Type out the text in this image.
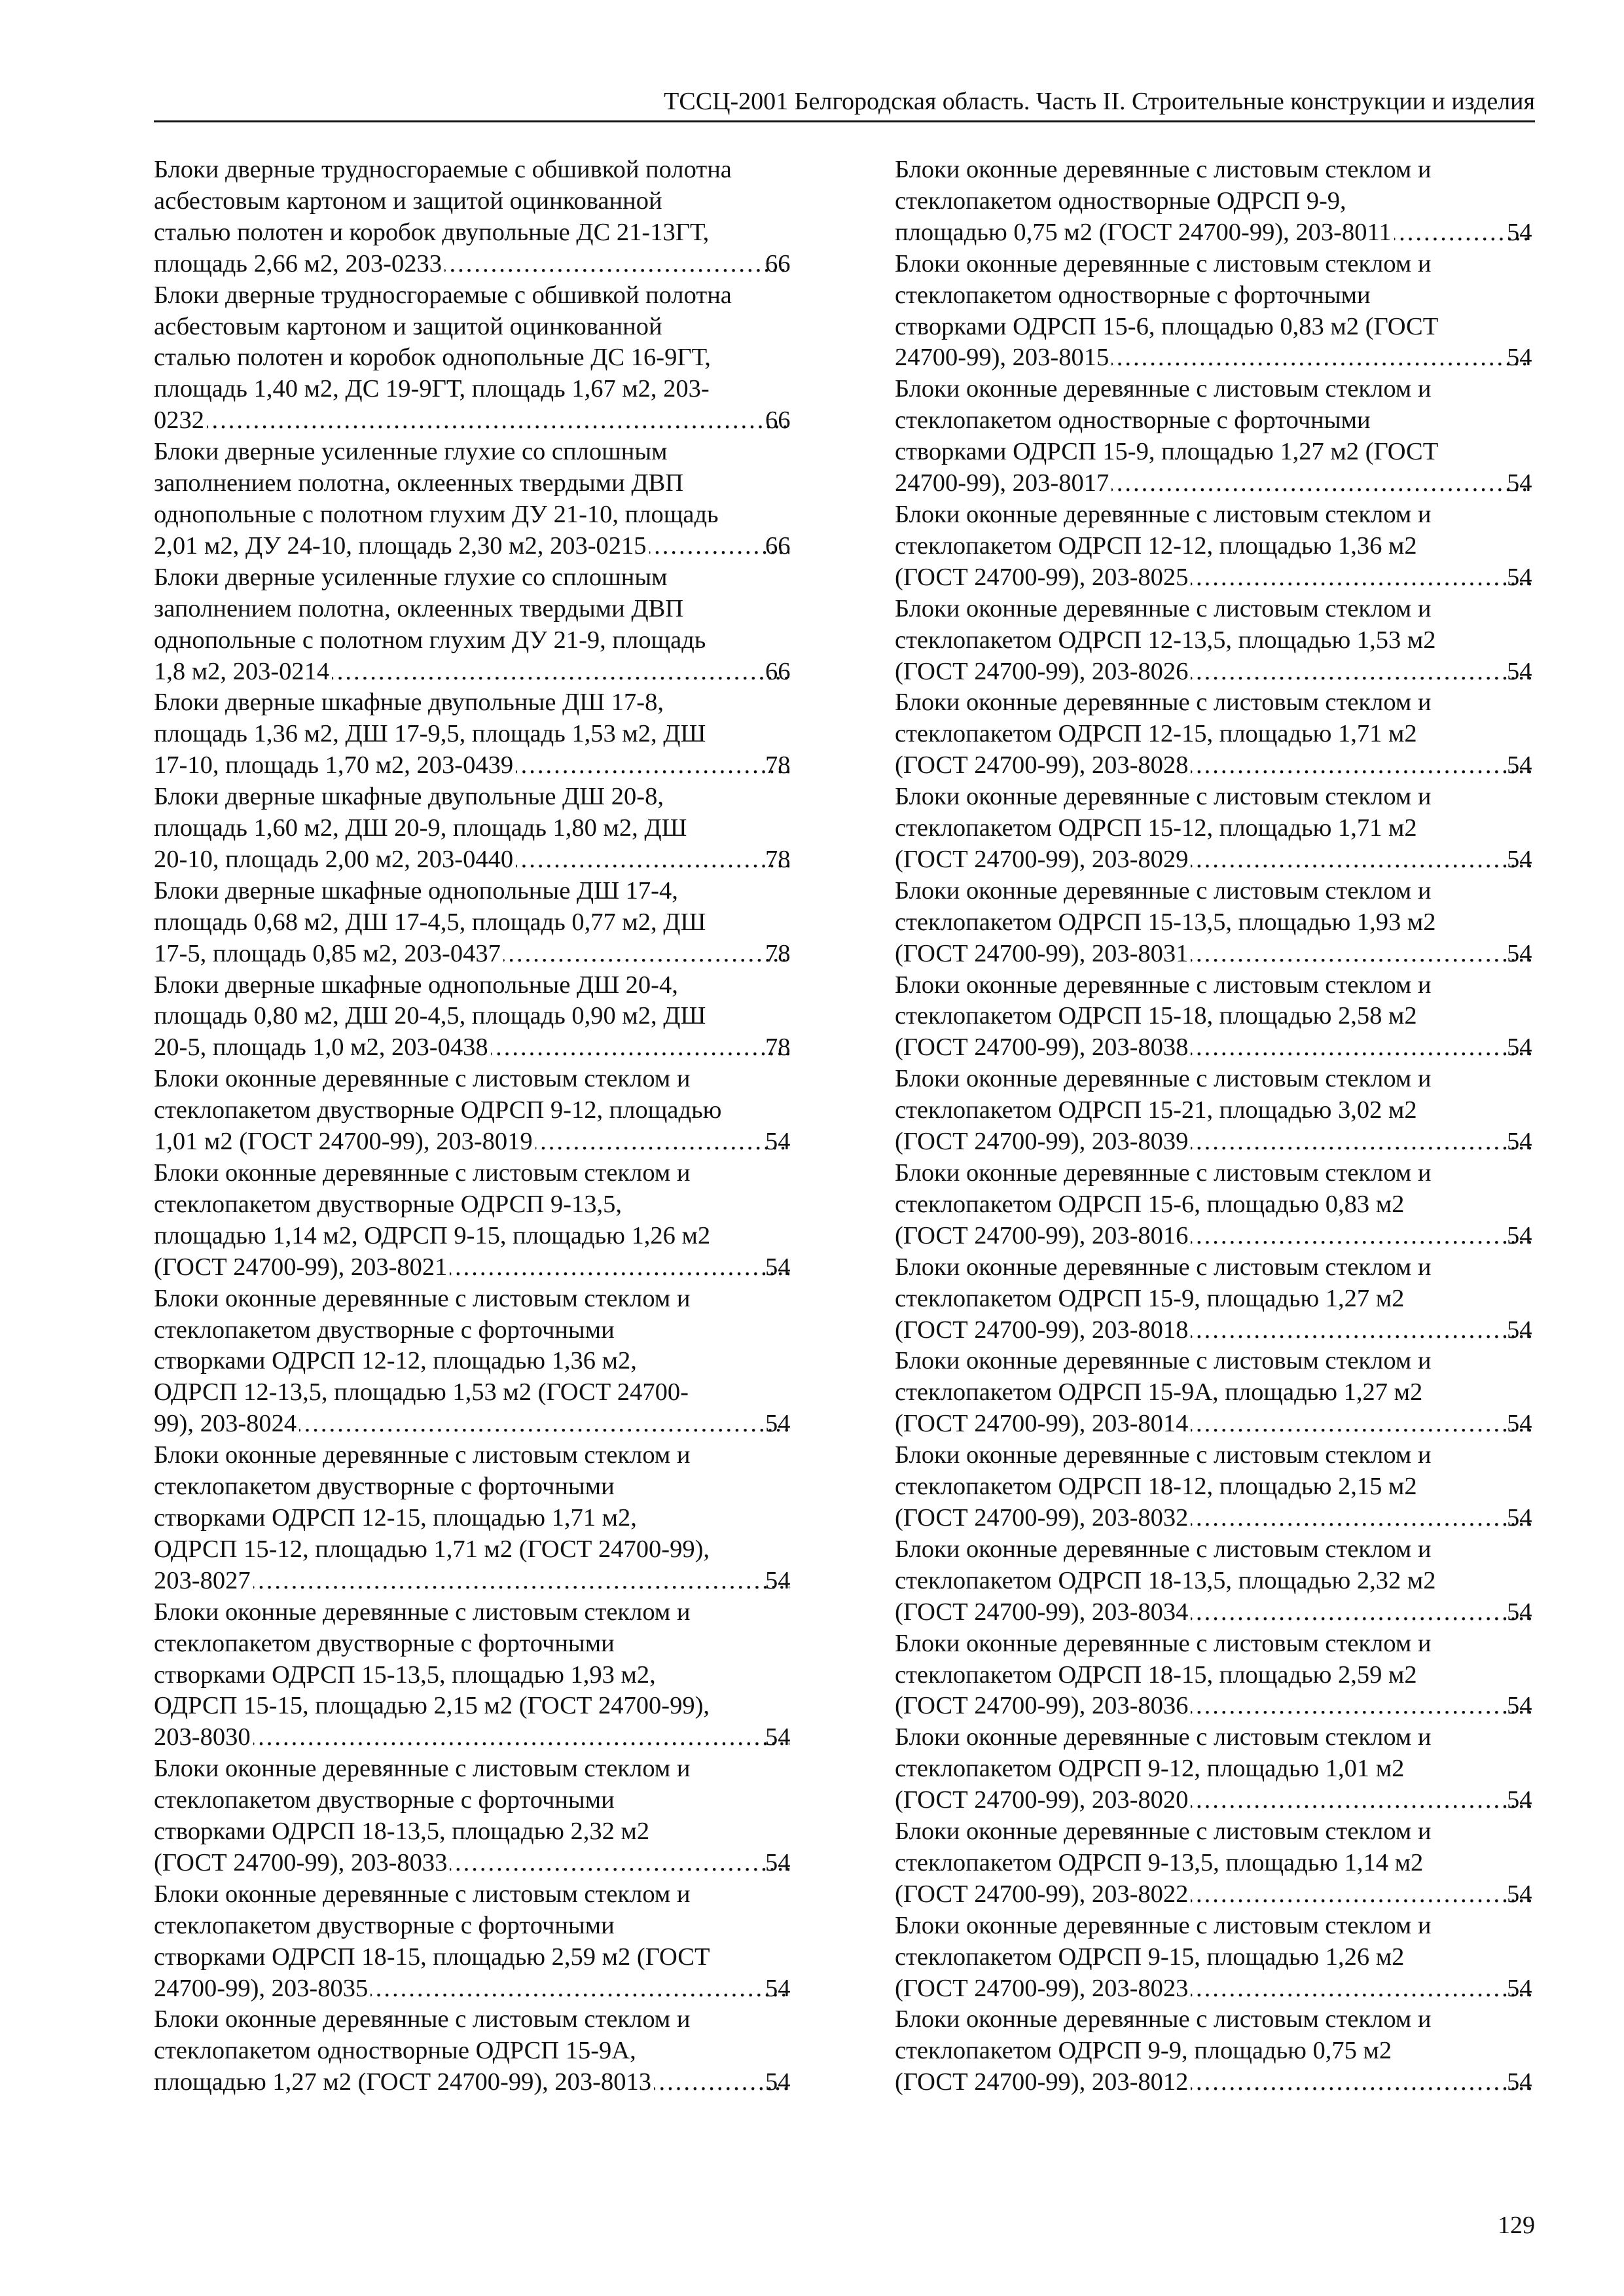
ТССЦ-2001 Белгородская область. Часть II. Строительные конструкции и изделия
Блоки дверные трудносгораемые с обшивкой полотна
асбестовым картоном и защитой оцинкованной
сталью полотен и коробок двупольные ДС 21-13ГТ,
площадь 2,66 м2, 203-0233 .....	66
Блоки дверные трудносгораемые с обшивкой полотна
асбестовым картоном и защитой оцинкованной
сталью полотен и коробок однопольные ДС 16-9ГТ,
площадь 1,40 м2, ДС 19-9ГТ, площадь 1,67 м2, 203-
0232 .....	66
Блоки дверные усиленные глухие со сплошным
заполнением полотна, оклеенных твердыми ДВП
однопольные с полотном глухим ДУ 21-10, площадь
2,01 м2, ДУ 24-10, площадь 2,30 м2, 203-0215 .....	66
Блоки дверные усиленные глухие со сплошным
заполнением полотна, оклеенных твердыми ДВП
однопольные с полотном глухим ДУ 21-9, площадь
1,8 м2, 203-0214 .....	66
Блоки дверные шкафные двупольные ДШ 17-8,
площадь 1,36 м2, ДШ 17-9,5, площадь 1,53 м2, ДШ
17-10, площадь 1,70 м2, 203-0439 .....	78
Блоки дверные шкафные двупольные ДШ 20-8,
площадь 1,60 м2, ДШ 20-9, площадь 1,80 м2, ДШ
20-10, площадь 2,00 м2, 203-0440 .....	78
Блоки дверные шкафные однопольные ДШ 17-4,
площадь 0,68 м2, ДШ 17-4,5, площадь 0,77 м2, ДШ
17-5, площадь 0,85 м2, 203-0437 .....	78
Блоки дверные шкафные однопольные ДШ 20-4,
площадь 0,80 м2, ДШ 20-4,5, площадь 0,90 м2, ДШ
20-5, площадь 1,0 м2, 203-0438 .....	78
Блоки оконные деревянные с листовым стеклом и
стеклопакетом двустворные ОДРСП 9-12, площадью
1,01 м2 (ГОСТ 24700-99), 203-8019 .....	54
Блоки оконные деревянные с листовым стеклом и
стеклопакетом двустворные ОДРСП 9-13,5,
площадью 1,14 м2, ОДРСП 9-15, площадью 1,26 м2
(ГОСТ 24700-99), 203-8021 .....	54
Блоки оконные деревянные с листовым стеклом и
стеклопакетом двустворные с форточными
створками ОДРСП 12-12, площадью 1,36 м2,
ОДРСП 12-13,5, площадью 1,53 м2 (ГОСТ 24700-
99), 203-8024 .....	54
Блоки оконные деревянные с листовым стеклом и
стеклопакетом двустворные с форточными
створками ОДРСП 12-15, площадью 1,71 м2,
ОДРСП 15-12, площадью 1,71 м2 (ГОСТ 24700-99),
203-8027 .....	54
Блоки оконные деревянные с листовым стеклом и
стеклопакетом двустворные с форточными
створками ОДРСП 15-13,5, площадью 1,93 м2,
ОДРСП 15-15, площадью 2,15 м2 (ГОСТ 24700-99),
203-8030 .....	54
Блоки оконные деревянные с листовым стеклом и
стеклопакетом двустворные с форточными
створками ОДРСП 18-13,5, площадью 2,32 м2
(ГОСТ 24700-99), 203-8033 .....	54
Блоки оконные деревянные с листовым стеклом и
стеклопакетом двустворные с форточными
створками ОДРСП 18-15, площадью 2,59 м2 (ГОСТ
24700-99), 203-8035 .....	54
Блоки оконные деревянные с листовым стеклом и
стеклопакетом одностворные ОДРСП 15-9А,
площадью 1,27 м2 (ГОСТ 24700-99), 203-8013 .....	54
Блоки оконные деревянные с листовым стеклом и
стеклопакетом одностворные ОДРСП 9-9,
площадью 0,75 м2 (ГОСТ 24700-99), 203-8011 .....	54
Блоки оконные деревянные с листовым стеклом и
стеклопакетом одностворные с форточными
створками ОДРСП 15-6, площадью 0,83 м2 (ГОСТ
24700-99), 203-8015 .....	54
Блоки оконные деревянные с листовым стеклом и
стеклопакетом одностворные с форточными
створками ОДРСП 15-9, площадью 1,27 м2 (ГОСТ
24700-99), 203-8017 .....	54
Блоки оконные деревянные с листовым стеклом и
стеклопакетом ОДРСП 12-12, площадью 1,36 м2
(ГОСТ 24700-99), 203-8025 .....	54
Блоки оконные деревянные с листовым стеклом и
стеклопакетом ОДРСП 12-13,5, площадью 1,53 м2
(ГОСТ 24700-99), 203-8026 .....	54
Блоки оконные деревянные с листовым стеклом и
стеклопакетом ОДРСП 12-15, площадью 1,71 м2
(ГОСТ 24700-99), 203-8028 .....	54
Блоки оконные деревянные с листовым стеклом и
стеклопакетом ОДРСП 15-12, площадью 1,71 м2
(ГОСТ 24700-99), 203-8029 .....	54
Блоки оконные деревянные с листовым стеклом и
стеклопакетом ОДРСП 15-13,5, площадью 1,93 м2
(ГОСТ 24700-99), 203-8031 .....	54
Блоки оконные деревянные с листовым стеклом и
стеклопакетом ОДРСП 15-18, площадью 2,58 м2
(ГОСТ 24700-99), 203-8038 .....	54
Блоки оконные деревянные с листовым стеклом и
стеклопакетом ОДРСП 15-21, площадью 3,02 м2
(ГОСТ 24700-99), 203-8039 .....	54
Блоки оконные деревянные с листовым стеклом и
стеклопакетом ОДРСП 15-6, площадью 0,83 м2
(ГОСТ 24700-99), 203-8016 .....	54
Блоки оконные деревянные с листовым стеклом и
стеклопакетом ОДРСП 15-9, площадью 1,27 м2
(ГОСТ 24700-99), 203-8018 .....	54
Блоки оконные деревянные с листовым стеклом и
стеклопакетом ОДРСП 15-9А, площадью 1,27 м2
(ГОСТ 24700-99), 203-8014 .....	54
Блоки оконные деревянные с листовым стеклом и
стеклопакетом ОДРСП 18-12, площадью 2,15 м2
(ГОСТ 24700-99), 203-8032 .....	54
Блоки оконные деревянные с листовым стеклом и
стеклопакетом ОДРСП 18-13,5, площадью 2,32 м2
(ГОСТ 24700-99), 203-8034 .....	54
Блоки оконные деревянные с листовым стеклом и
стеклопакетом ОДРСП 18-15, площадью 2,59 м2
(ГОСТ 24700-99), 203-8036 .....	54
Блоки оконные деревянные с листовым стеклом и
стеклопакетом ОДРСП 9-12, площадью 1,01 м2
(ГОСТ 24700-99), 203-8020 .....	54
Блоки оконные деревянные с листовым стеклом и
стеклопакетом ОДРСП 9-13,5, площадью 1,14 м2
(ГОСТ 24700-99), 203-8022 .....	54
Блоки оконные деревянные с листовым стеклом и
стеклопакетом ОДРСП 9-15, площадью 1,26 м2
(ГОСТ 24700-99), 203-8023 .....	54
Блоки оконные деревянные с листовым стеклом и
стеклопакетом ОДРСП 9-9, площадью 0,75 м2
(ГОСТ 24700-99), 203-8012 .....	54
129
